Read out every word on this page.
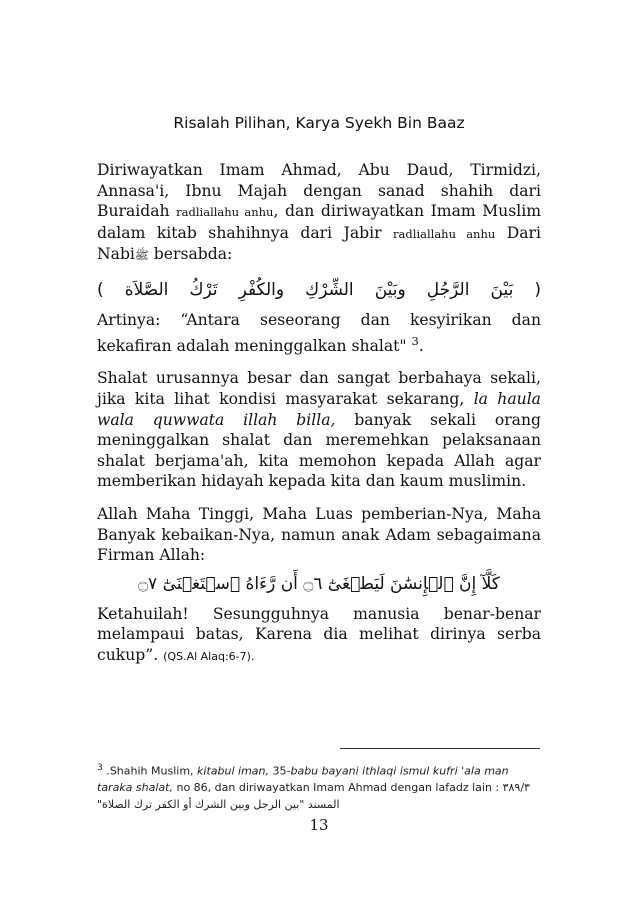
Risalah Pilihan, Karya Syekh Bin Baaz

Diriwayatkan Imam Ahmad, Abu Daud, Tirmidzi, Annasa'i, Ibnu Majah dengan sanad shahih dari Buraidah radliallahu anhu, dan diriwayatkan Imam Muslim dalam kitab shahihnya dari Jabir radliallahu anhu Dari Nabiﷺ bersabda:

( بَيْنَ الرَّجُلِ وبَيْنَ الشِّرْكِ والكُفْرِ تَرْكُ الصَّلاَة )

Artinya: “Antara seseorang dan kesyirikan dan kekafiran adalah meninggalkan shalat" $^3$.

Shalat urusannya besar dan sangat berbahaya sekali, jika kita lihat kondisi masyarakat sekarang, la haula wala quwwata illah billa, banyak sekali orang meninggalkan shalat dan meremehkan pelaksanaan shalat berjama'ah, kita memohon kepada Allah agar memberikan hidayah kepada kita dan kaum muslimin.

Allah Maha Tinggi, Maha Luas pemberian-Nya, Maha Banyak kebaikan-Nya, namun anak Adam sebagaimana Firman Allah:

كَلَّآ إِنَّ ٱلۡإِنسَٰنَ لَيَطۡغَىٰٓ ۝٦ أَن رَّءَاهُ ٱسۡتَغۡنَىٰٓ ۝٧

Ketahuilah! Sesungguhnya manusia benar-benar melampaui batas, Karena dia melihat dirinya serba cukup”. (QS.Al Alaq:6-7).

$^3$ .Shahih Muslim, kitabul iman, 35-babu bayani ithlaqi ismul kufri 'ala man taraka shalat, no 86, dan diriwayatkan Imam Ahmad dengan lafadz lain : ٣٨٩/٣ المسند "بين الرجل وبين الشرك أو الكفر ترك الصلاة"
13
